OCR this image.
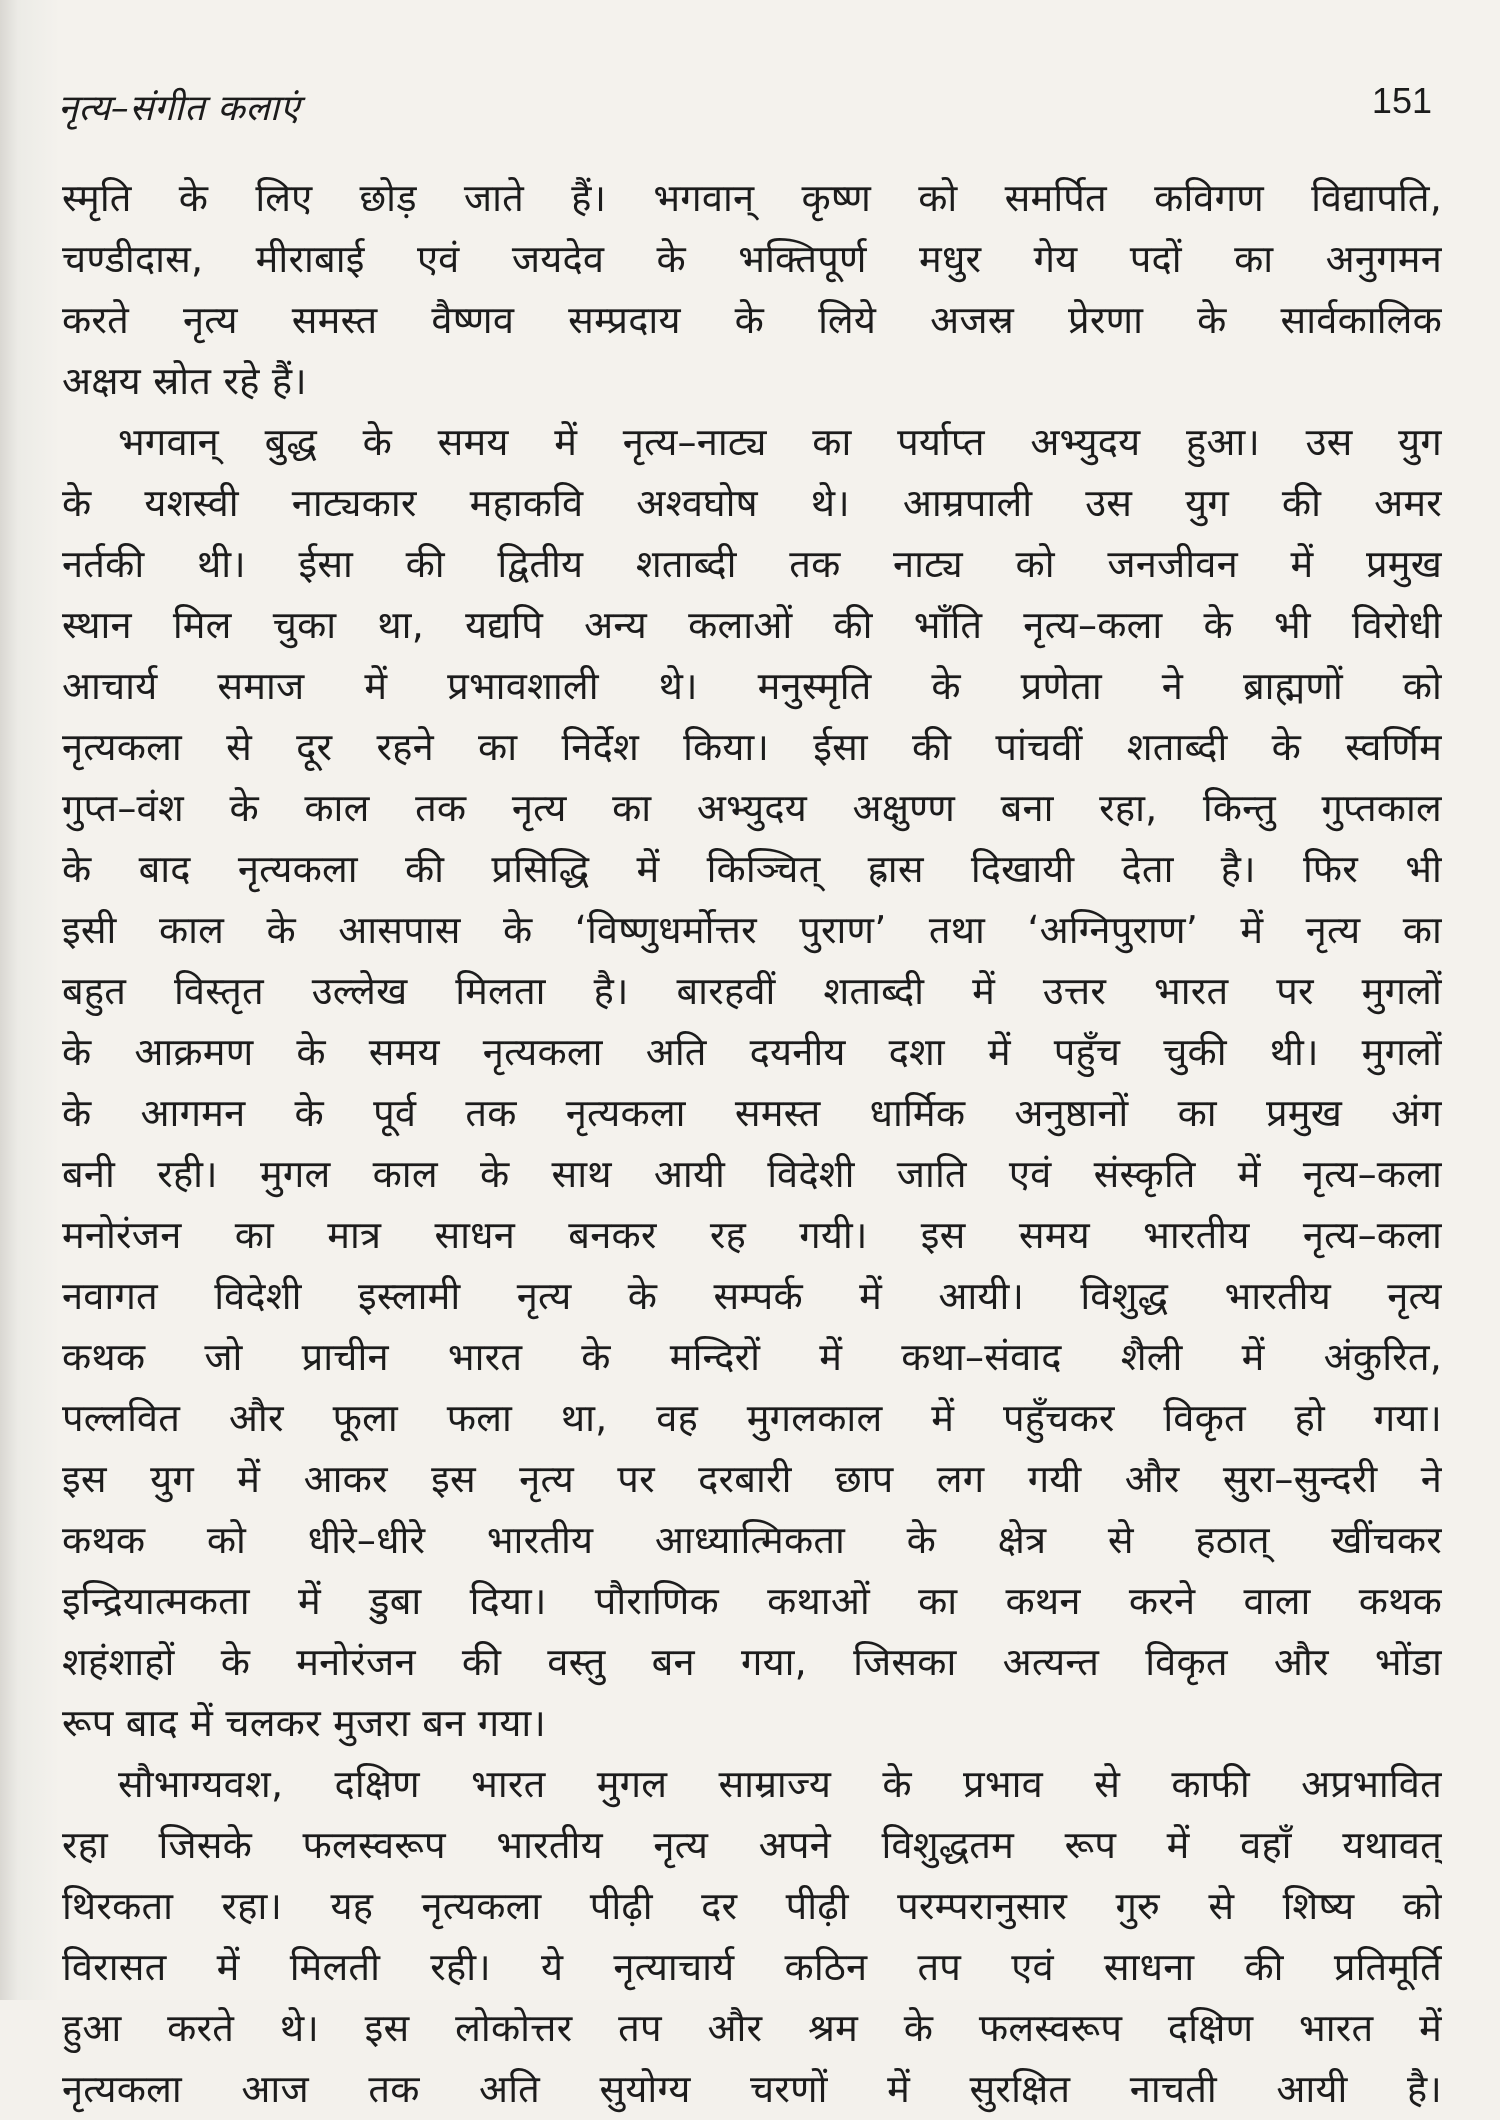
नृत्य–संगीत कलाएं	151
स्मृति के लिए छोड़ जाते हैं। भगवान् कृष्ण को समर्पित कविगण विद्यापति,
चण्डीदास, मीराबाई एवं जयदेव के भक्तिपूर्ण मधुर गेय पदों का अनुगमन
करते नृत्य समस्त वैष्णव सम्प्रदाय के लिये अजस्र प्रेरणा के सार्वकालिक
अक्षय स्रोत रहे हैं।
भगवान् बुद्ध के समय में नृत्य–नाट्य का पर्याप्त अभ्युदय हुआ। उस युग
के यशस्वी नाट्यकार महाकवि अश्वघोष थे। आम्रपाली उस युग की अमर
नर्तकी थी। ईसा की द्वितीय शताब्दी तक नाट्य को जनजीवन में प्रमुख
स्थान मिल चुका था, यद्यपि अन्य कलाओं की भाँति नृत्य–कला के भी विरोधी
आचार्य समाज में प्रभावशाली थे। मनुस्मृति के प्रणेता ने ब्राह्मणों को
नृत्यकला से दूर रहने का निर्देश किया। ईसा की पांचवीं शताब्दी के स्वर्णिम
गुप्त–वंश के काल तक नृत्य का अभ्युदय अक्षुण्ण बना रहा, किन्तु गुप्तकाल
के बाद नृत्यकला की प्रसिद्धि में किञ्चित् ह्रास दिखायी देता है। फिर भी
इसी काल के आसपास के ‘विष्णुधर्मोत्तर पुराण’ तथा ‘अग्निपुराण’ में नृत्य का
बहुत विस्तृत उल्लेख मिलता है। बारहवीं शताब्दी में उत्तर भारत पर मुगलों
के आक्रमण के समय नृत्यकला अति दयनीय दशा में पहुँच चुकी थी। मुगलों
के आगमन के पूर्व तक नृत्यकला समस्त धार्मिक अनुष्ठानों का प्रमुख अंग
बनी रही। मुगल काल के साथ आयी विदेशी जाति एवं संस्कृति में नृत्य–कला
मनोरंजन का मात्र साधन बनकर रह गयी। इस समय भारतीय नृत्य–कला
नवागत विदेशी इस्लामी नृत्य के सम्पर्क में आयी। विशुद्ध भारतीय नृत्य
कथक जो प्राचीन भारत के मन्दिरों में कथा–संवाद शैली में अंकुरित,
पल्लवित और फूला फला था, वह मुगलकाल में पहुँचकर विकृत हो गया।
इस युग में आकर इस नृत्य पर दरबारी छाप लग गयी और सुरा–सुन्दरी ने
कथक को धीरे–धीरे भारतीय आध्यात्मिकता के क्षेत्र से हठात् खींचकर
इन्द्रियात्मकता में डुबा दिया। पौराणिक कथाओं का कथन करने वाला कथक
शहंशाहों के मनोरंजन की वस्तु बन गया, जिसका अत्यन्त विकृत और भोंडा
रूप बाद में चलकर मुजरा बन गया।
सौभाग्यवश, दक्षिण भारत मुगल साम्राज्य के प्रभाव से काफी अप्रभावित
रहा जिसके फलस्वरूप भारतीय नृत्य अपने विशुद्धतम रूप में वहाँ यथावत्
थिरकता रहा। यह नृत्यकला पीढ़ी दर पीढ़ी परम्परानुसार गुरु से शिष्य को
विरासत में मिलती रही। ये नृत्याचार्य कठिन तप एवं साधना की प्रतिमूर्ति
हुआ करते थे। इस लोकोत्तर तप और श्रम के फलस्वरूप दक्षिण भारत में
नृत्यकला आज तक अति सुयोग्य चरणों में सुरक्षित नाचती आयी है।
